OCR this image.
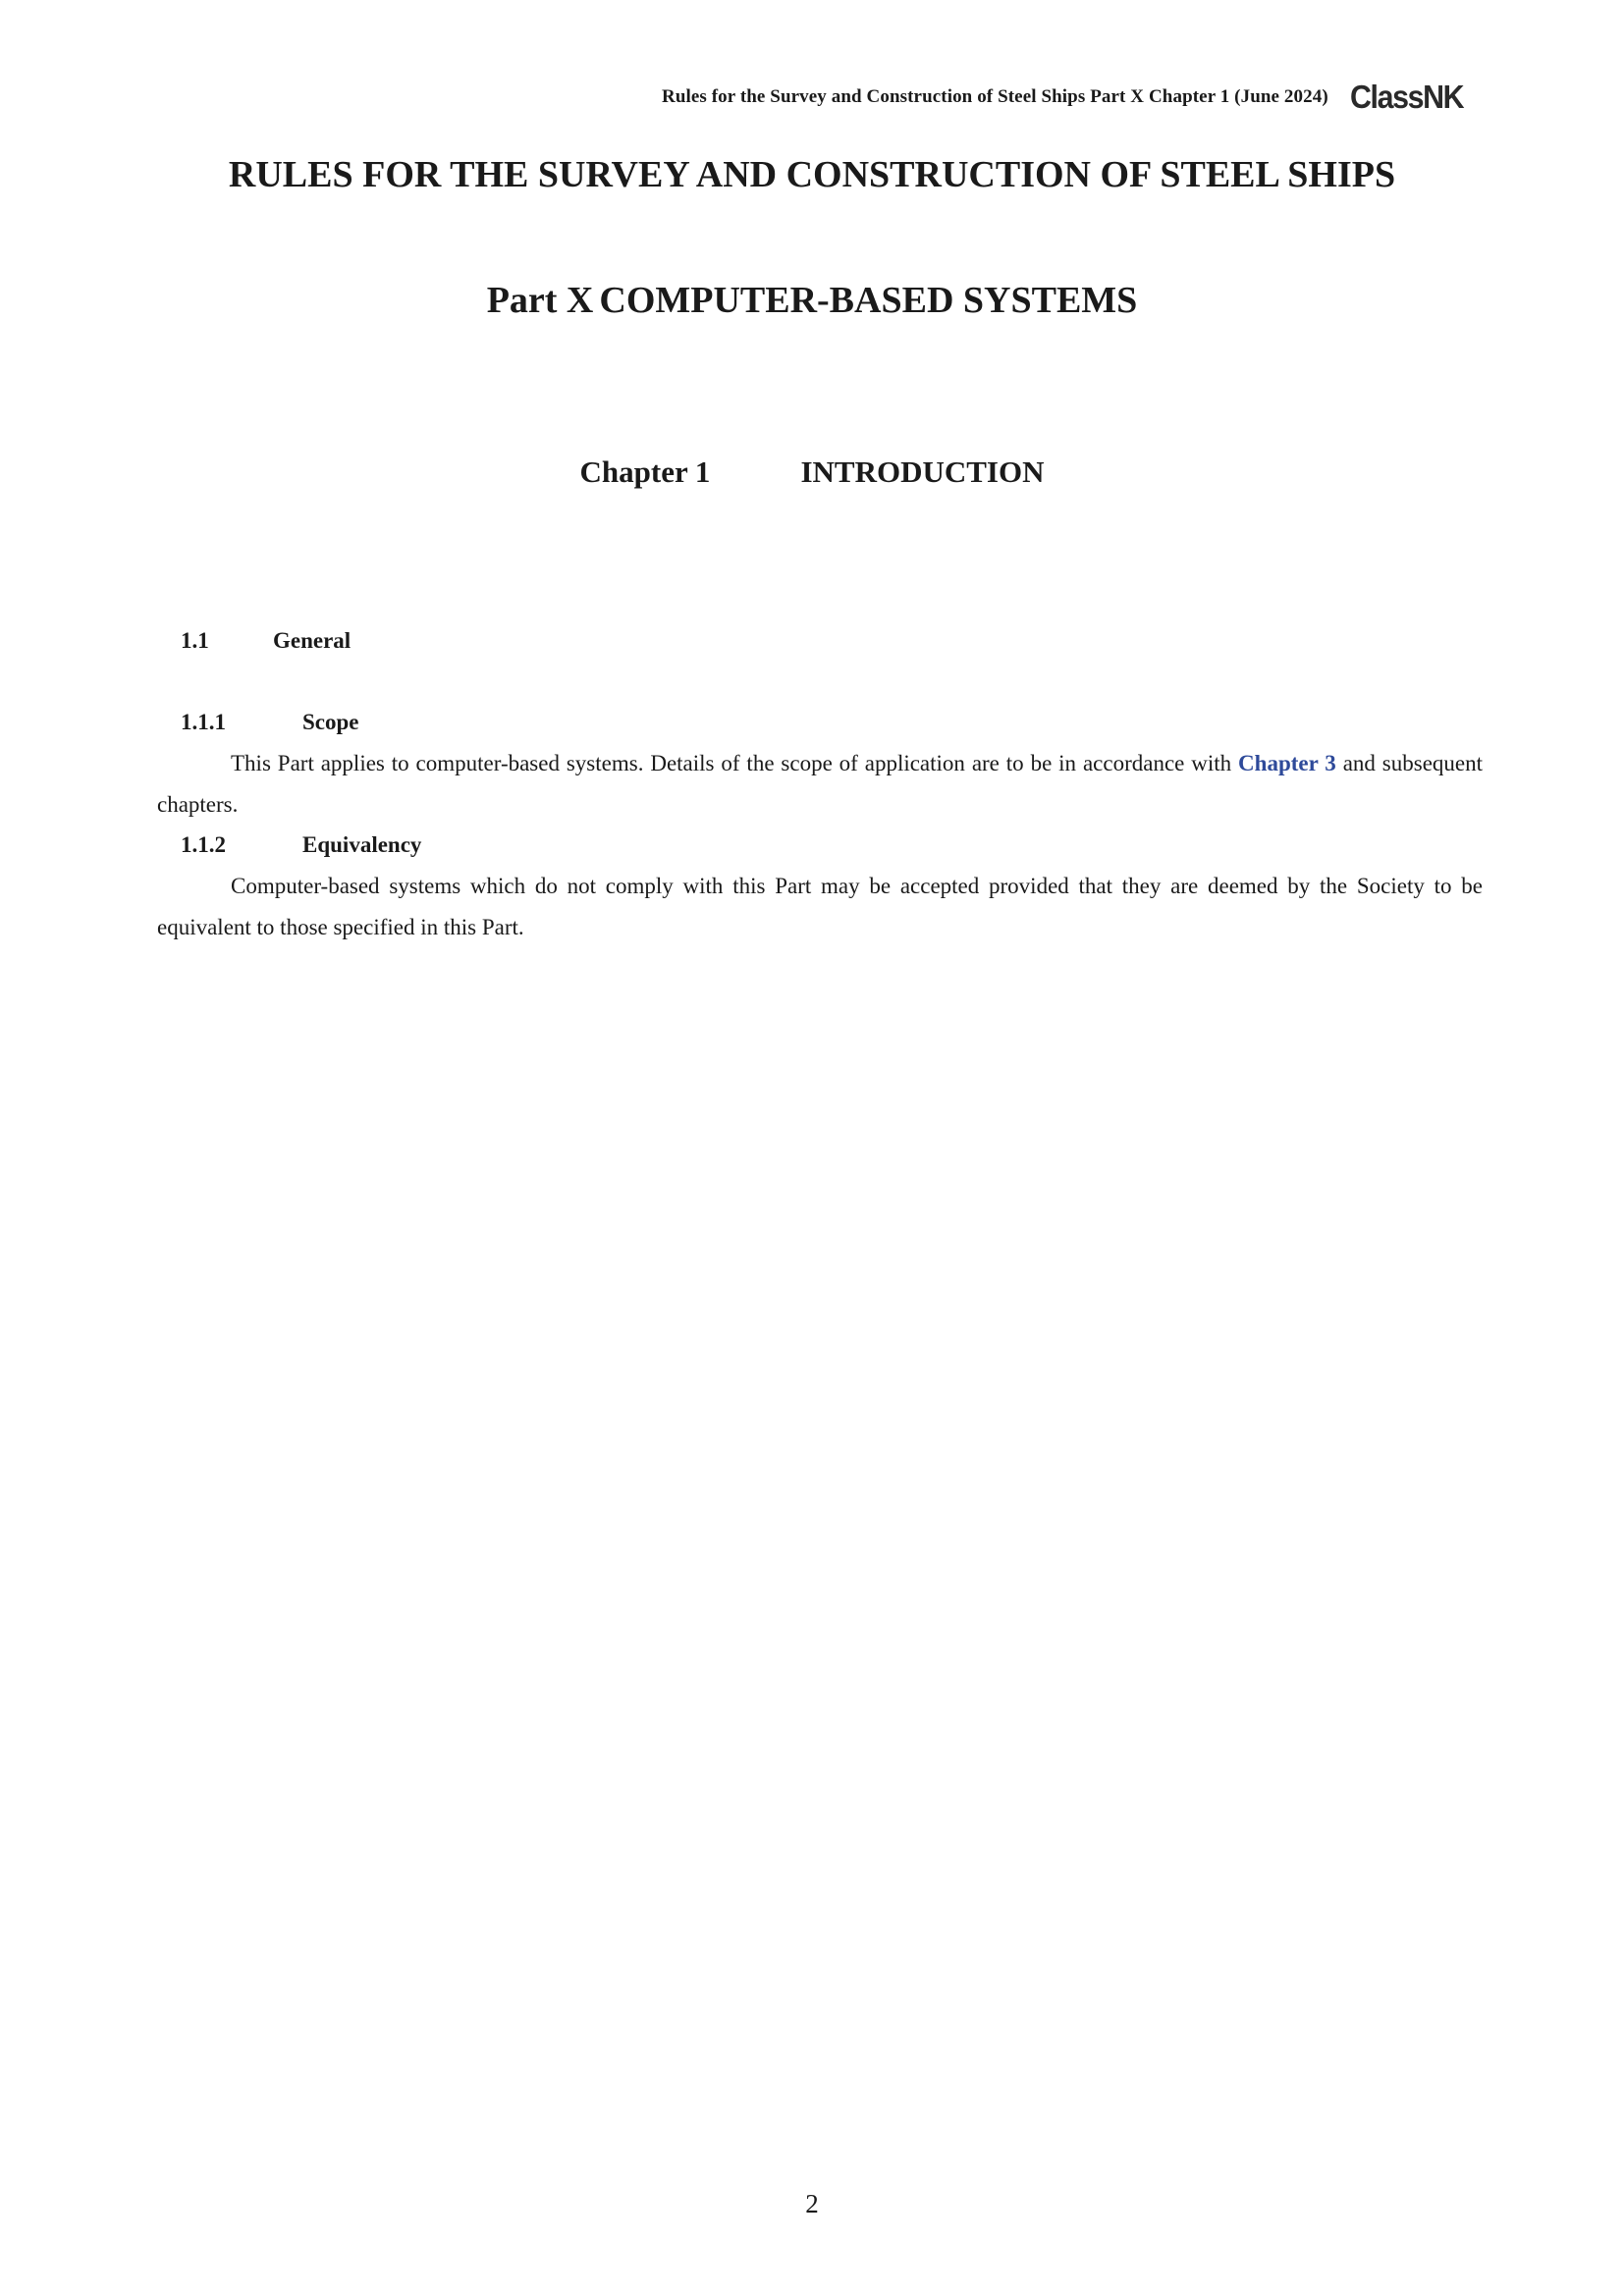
Rules for the Survey and Construction of Steel Ships Part X Chapter 1 (June 2024) ClassNK
RULES FOR THE SURVEY AND CONSTRUCTION OF STEEL SHIPS
Part X COMPUTER-BASED SYSTEMS
Chapter 1	INTRODUCTION
1.1	General
1.1.1	Scope
This Part applies to computer-based systems. Details of the scope of application are to be in accordance with Chapter 3 and subsequent chapters.
1.1.2	Equivalency
Computer-based systems which do not comply with this Part may be accepted provided that they are deemed by the Society to be equivalent to those specified in this Part.
2
